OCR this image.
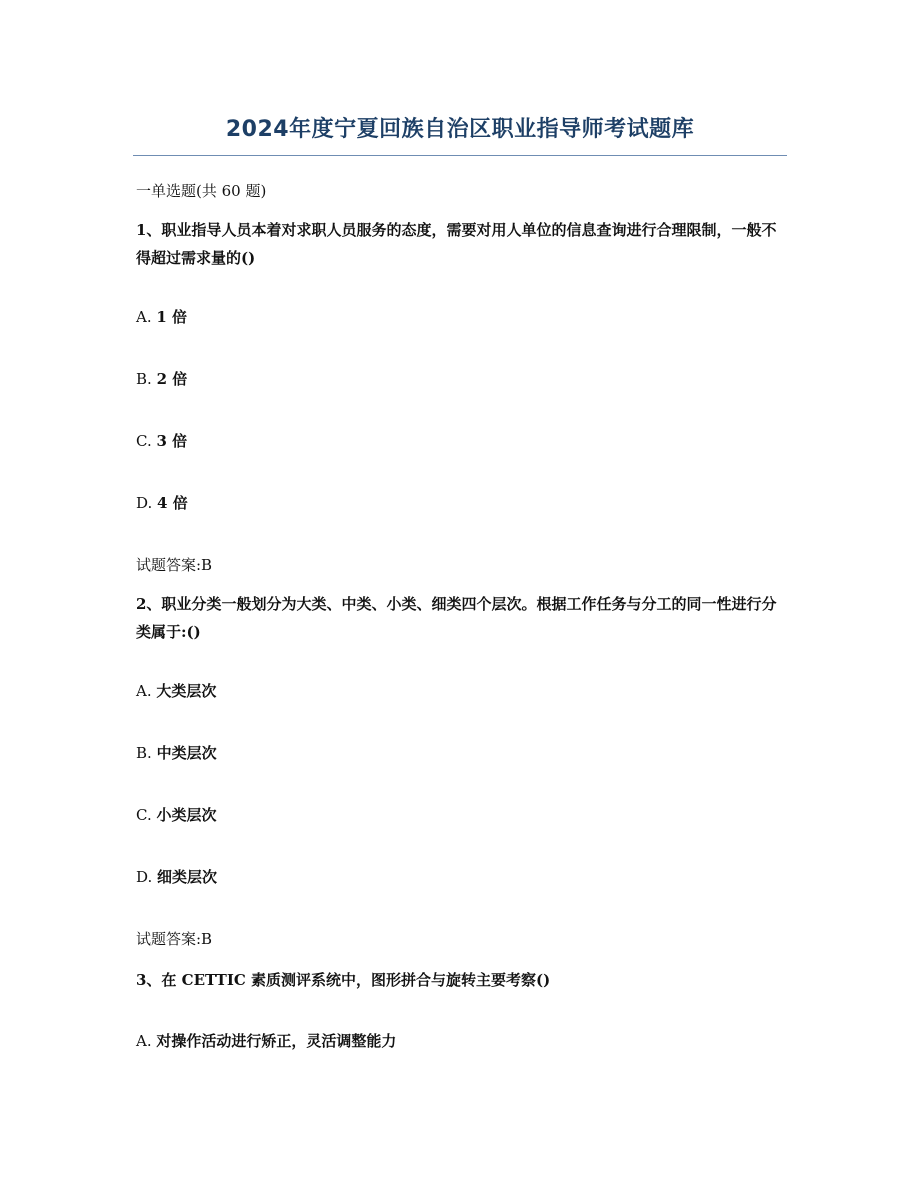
2024年度宁夏回族自治区职业指导师考试题库
一单选题(共 60 题)
1、职业指导人员本着对求职人员服务的态度，需要对用人单位的信息查询进行合理限制，一般不得超过需求量的()
A. 1 倍
B. 2 倍
C. 3 倍
D. 4 倍
试题答案:B
2、职业分类一般划分为大类、中类、小类、细类四个层次。根据工作任务与分工的同一性进行分类属于:()
A. 大类层次
B. 中类层次
C. 小类层次
D. 细类层次
试题答案:B
3、在 CETTIC 素质测评系统中，图形拼合与旋转主要考察()
A. 对操作活动进行矫正，灵活调整能力
